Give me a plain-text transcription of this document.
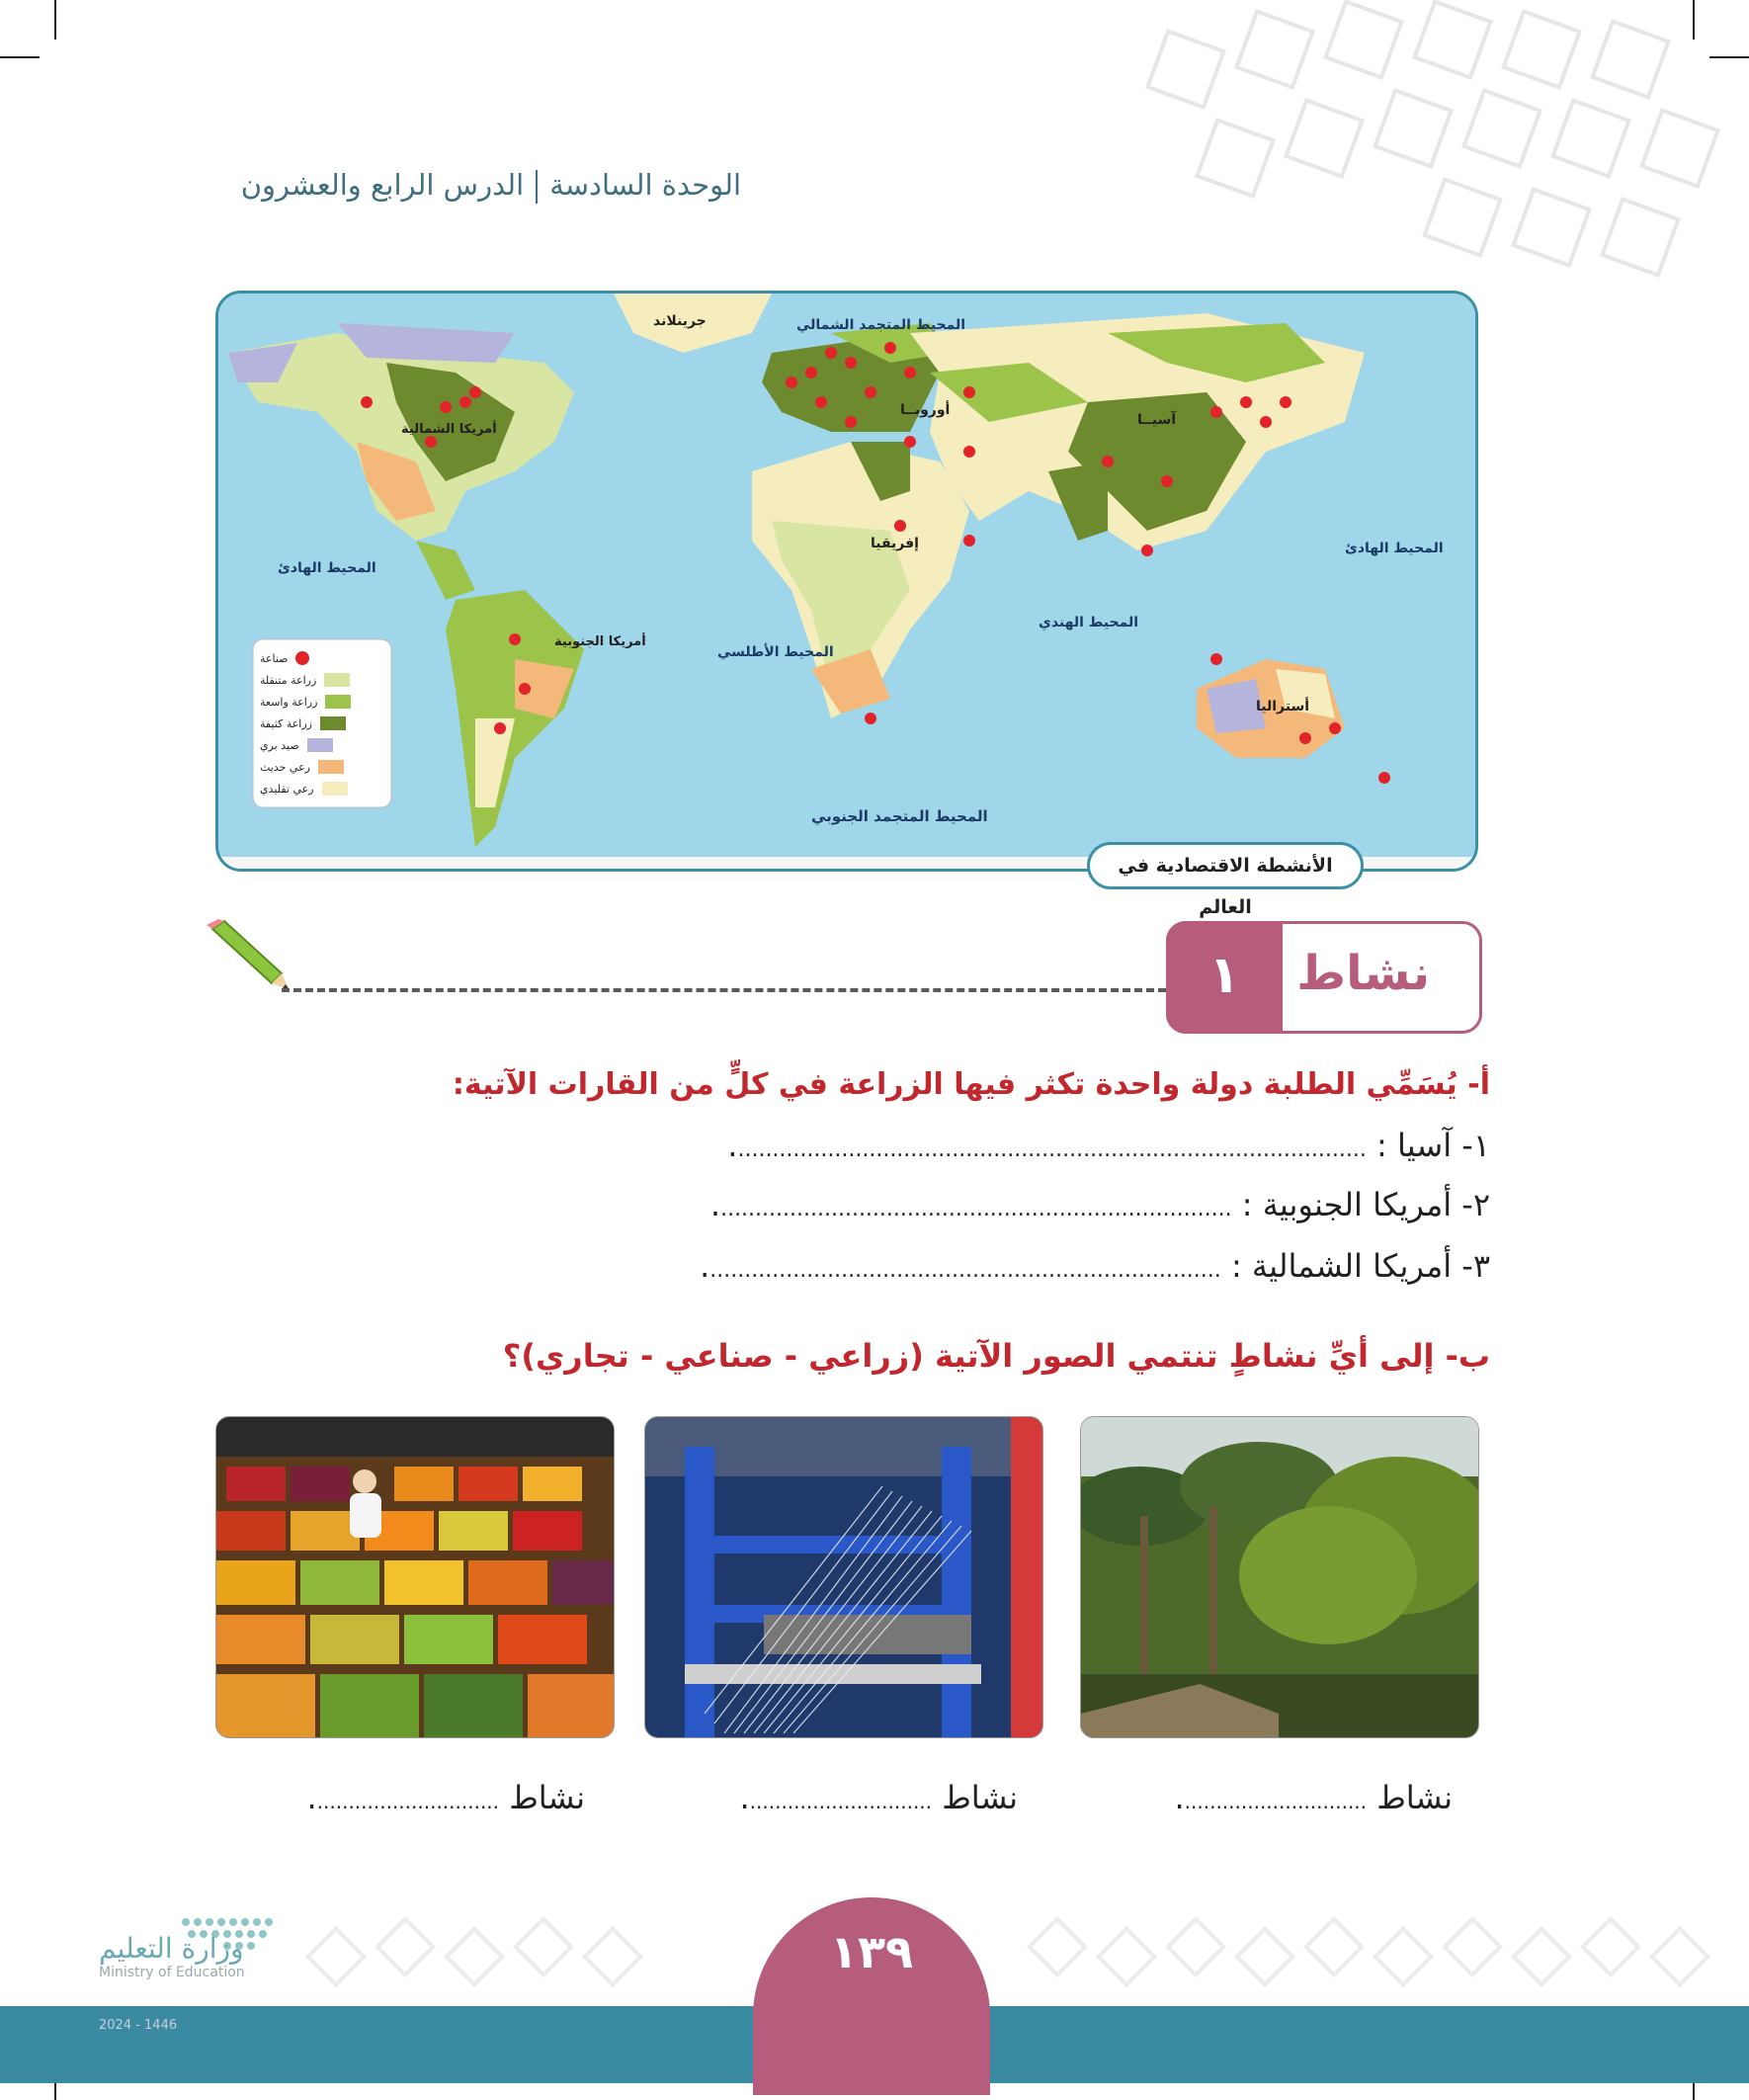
الوحدة السادسةالدرس الرابع والعشرون
جرينلاند	المحيط المتجمد الشمالي
أوروبــا
آسيــا
أمريكا الشمالية
إفريقيا
المحيط الهادئ
المحيط الهادئ
المحيط الهندي
المحيط الأطلسي
أمريكا الجنوبية
أستراليا
المحيط المتجمد الجنوبي
صناعة
زراعة متنقلة
زراعة واسعة
زراعة كثيفة
صيد بري
رعي حديث
رعي تقليدي
الأنشطة الاقتصادية في العالم
١	نشاط
أ- يُسَمِّي الطلبة دولة واحدة تكثر فيها الزراعة في كلٍّ من القارات الآتية:
١- آسيا : ............................................................................................
٢- أمريكا الجنوبية : ...........................................................................
٣- أمريكا الشمالية : ...........................................................................
ب- إلى أيِّ نشاطٍ تنتمي الصور الآتية (زراعي - صناعي - تجاري)؟
نشاط ..............................	نشاط ..............................	نشاط ..............................
١٣٩
وزارة التعليم
Ministry of Education
2024 - 1446
